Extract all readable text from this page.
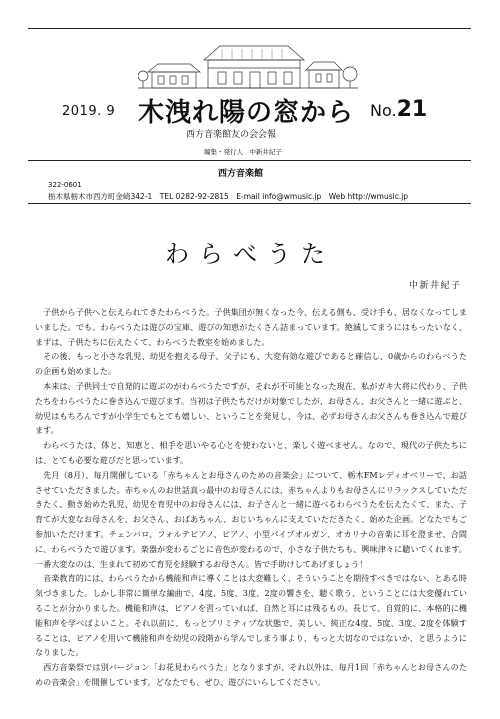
2019. 9 木洩れ陽の窓から No.21
西方音楽館友の会会報
編集・発行人　中新井紀子
西方音楽館
322-0601
栃木県栃木市西方町金崎342-1　TEL 0282-92-2815　E-mail info@wmusic.jp　Web http://wmusic.jp
わらべうた
中新井紀子

子供から子供へと伝えられてきたわらべうた。子供集団が無くなった今、伝える側も、受け手も、居なくなってしまいました。でも、わらべうたは遊びの宝庫、遊びの知恵がたくさん詰まっています。絶滅してまうにはもったいなく、まずは、子供たちに伝えたくて、わらべうた教室を始めました。

その後、もっと小さな乳児、幼児を抱える母子、父子にも、大変有効な遊びであると確信し、0歳からのわらべうたの企画も始めました。

本来は、子供同士で自発的に遊ぶのがわらべうたですが、それが不可能となった現在、私がガキ大将に代わり、子供たちをわらべうたに巻き込んで遊びます。当初は子供たちだけが対象でしたが、お母さん、お父さんと一緒に遊ぶと、幼児はもちろんですが小学生でもとても嬉しい、ということを発見し、今は、必ずお母さんお父さんも巻き込んで遊びます。

わらべうたは、体と、知恵と、相手を思いやる心とを使わないと、楽しく遊べません。なので、現代の子供たちには、とても必要な遊びだと思っています。

先月（8月）、毎月開催している「赤ちゃんとお母さんのための音楽会」について、栃木FMレディオベリーで、お話させていただきました。赤ちゃんのお世話真っ最中のお母さんには、赤ちゃんよりもお母さんにリラックスしていただきたく、動き始めた乳児、幼児を育児中のお母さんには、お子さんと一緒に遊べるわらべうたを伝えたくて、また、子育てが大変なお母さんを、お父さん、おばあちゃん、おじいちゃんに支えていただきたく、始めた企画。どなたでもご参加いただけます。チェンバロ、フォルテピアノ、ピアノ、小型パイプオルガン、オカリナの音楽に耳を澄ませ、合間に、わらべうたで遊びます。楽器が変わるごとに音色が変わるので、小さな子供たちも、興味津々に聴いてくれます。一番大変なのは、生まれて初めて育児を経験するお母さん。皆で手助けしてあげましょう！

音楽教育的には、わらべうたから機能和声に導くことは大変難しく、そういうことを期待すべきではない、とある時気づきました。しかし非常に簡単な編曲で、4度、5度、3度、2度の響きを、聴く歌う、ということには大変優れていることが分かりました。機能和声は、ピアノを習っていれば、自然と耳には残るもの。長じて、自覚的に、本格的に機能和声を学べばよいこと。それ以前に、もっとプリミティブな状態で、美しい、純正な4度、5度、3度、2度を体験することは、ピアノを用いて機能和声を幼児の段階から学んでしまう事より、もっと大切なのではないか、と思うようになりました。

西方音楽祭では別バージョン「お花見わらべうた」となりますが、それ以外は、毎月1回「赤ちゃんとお母さんのための音楽会」を開催しています。どなたでも、ぜひ、遊びにいらしてください。
